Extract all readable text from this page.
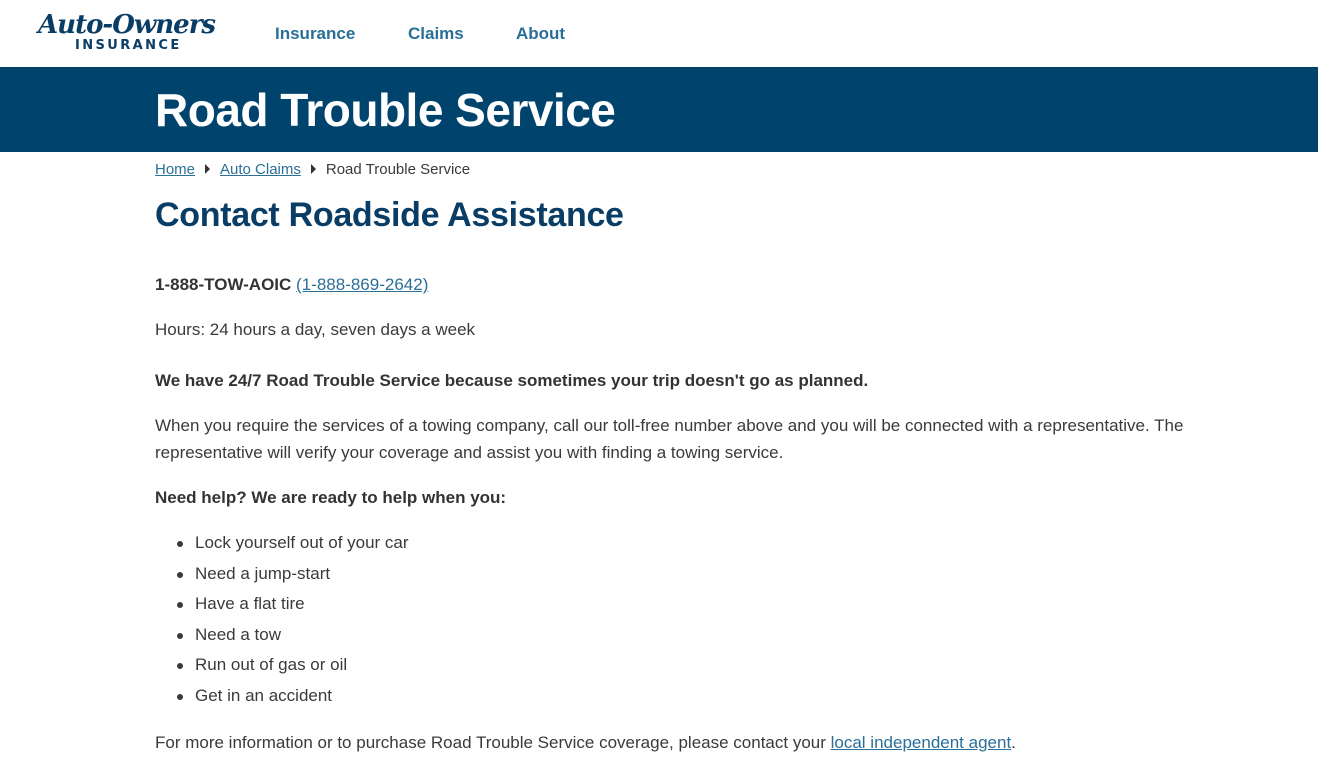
Auto-Owners
INSURANCE
Insurance	Claims	About
Road Trouble Service
Home Auto Claims Road Trouble Service
Contact Roadside Assistance

1-888-TOW-AOIC (1-888-869-2642)

Hours: 24 hours a day, seven days a week

We have 24/7 Road Trouble Service because sometimes your trip doesn't go as planned.

When you require the services of a towing company, call our toll-free number above and you will be connected with a representative. The representative will verify your coverage and assist you with finding a towing service.

Need help? We are ready to help when you:

Lock yourself out of your car
Need a jump-start
Have a flat tire
Need a tow
Run out of gas or oil
Get in an accident

For more information or to purchase Road Trouble Service coverage, please contact your local independent agent.
